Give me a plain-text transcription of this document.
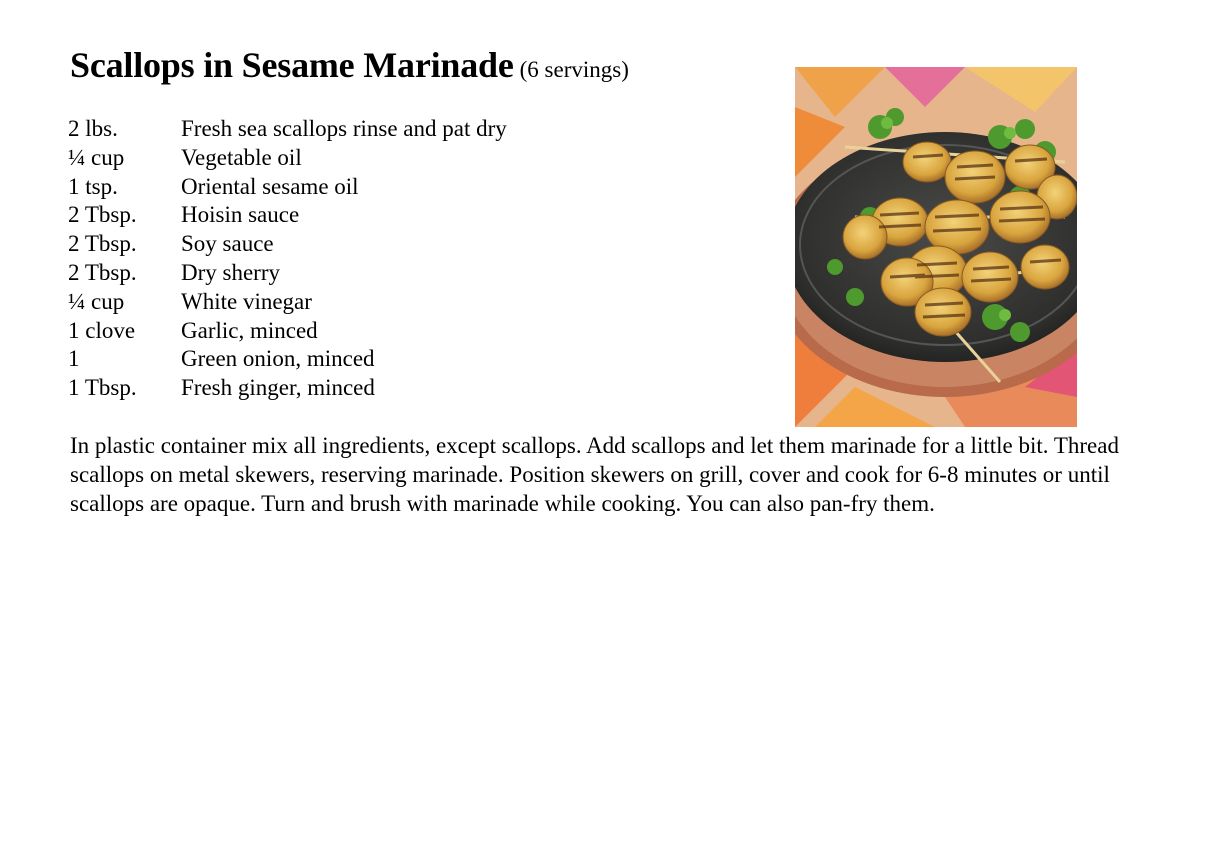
Scallops in Sesame Marinade (6 servings)
2 lbs.	Fresh sea scallops rinse and pat dry
¼ cup	Vegetable oil
1 tsp.	Oriental sesame oil
2 Tbsp.	Hoisin sauce
2 Tbsp.	Soy sauce
2 Tbsp.	Dry sherry
¼ cup	White vinegar
1 clove	Garlic, minced
1	Green onion, minced
1 Tbsp.	Fresh ginger, minced
In plastic container mix all ingredients, except scallops. Add scallops and let them marinade for a little bit. Thread scallops on metal skewers, reserving marinade. Position skewers on grill, cover and cook for 6-8 minutes or until scallops are opaque. Turn and brush with marinade while cooking. You can also pan-fry them.
